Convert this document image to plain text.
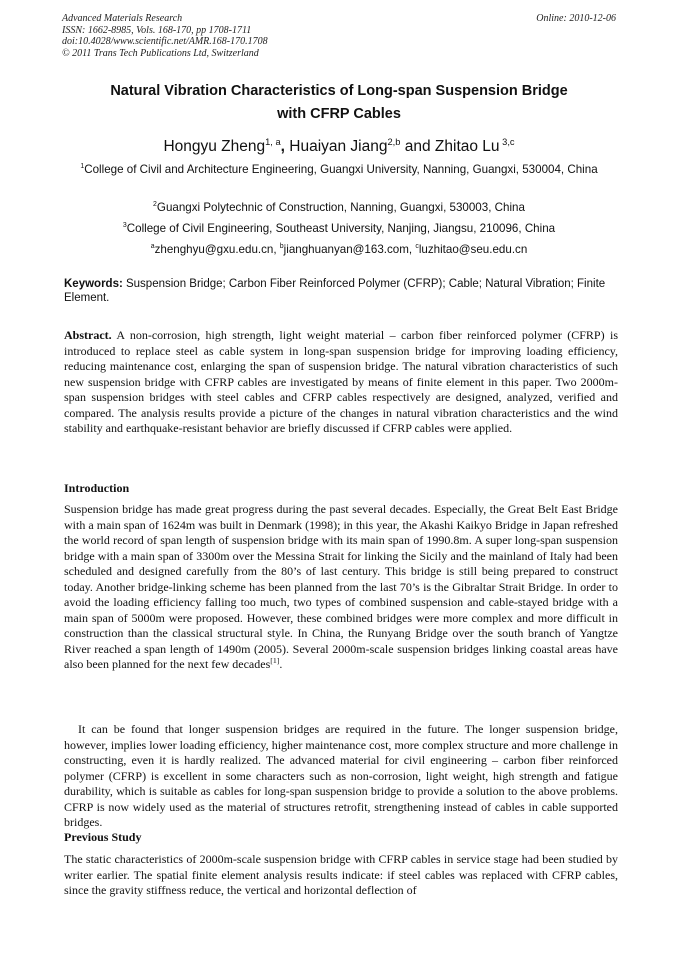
Advanced Materials Research
ISSN: 1662-8985, Vols. 168-170, pp 1708-1711
doi:10.4028/www.scientific.net/AMR.168-170.1708
© 2011 Trans Tech Publications Ltd, Switzerland
Online: 2010-12-06
Natural Vibration Characteristics of Long-span Suspension Bridge
with CFRP Cables
Hongyu Zheng$^{1, a}$, Huaiyan Jiang$^{2,b}$ and Zhitao Lu $^{3,c}$
$^1$College of Civil and Architecture Engineering, Guangxi University, Nanning, Guangxi, 530004, China
$^2$Guangxi Polytechnic of Construction, Nanning, Guangxi, 530003, China
$^3$College of Civil Engineering, Southeast University, Nanjing, Jiangsu, 210096, China
$^a$zhenghyu@gxu.edu.cn, $^b$jianghuanyan@163.com, $^c$luzhitao@seu.edu.cn
Keywords: Suspension Bridge; Carbon Fiber Reinforced Polymer (CFRP); Cable; Natural Vibration; Finite Element.
Abstract. A non-corrosion, high strength, light weight material – carbon fiber reinforced polymer (CFRP) is introduced to replace steel as cable system in long-span suspension bridge for improving loading efficiency, reducing maintenance cost, enlarging the span of suspension bridge. The natural vibration characteristics of such new suspension bridge with CFRP cables are investigated by means of finite element in this paper. Two 2000m-span suspension bridges with steel cables and CFRP cables respectively are designed, analyzed, verified and compared. The analysis results provide a picture of the changes in natural vibration characteristics and the wind stability and earthquake-resistant behavior are briefly discussed if CFRP cables were applied.
Introduction

Suspension bridge has made great progress during the past several decades. Especially, the Great Belt East Bridge with a main span of 1624m was built in Denmark (1998); in this year, the Akashi Kaikyo Bridge in Japan refreshed the world record of span length of suspension bridge with its main span of 1990.8m. A super long-span suspension bridge with a main span of 3300m over the Messina Strait for linking the Sicily and the mainland of Italy had been scheduled and designed carefully from the 80’s of last century. This bridge is still being prepared to construct today. Another bridge-linking scheme has been planned from the last 70’s is the Gibraltar Strait Bridge. In order to avoid the loading efficiency falling too much, two types of combined suspension and cable-stayed bridge with a main span of 5000m were proposed. However, these combined bridges were more complex and more difficult in construction than the classical structural style. In China, the Runyang Bridge over the south branch of Yangtze River reached a span length of 1490m (2005). Several 2000m-scale suspension bridges linking coastal areas have also been planned for the next few decades[1].

It can be found that longer suspension bridges are required in the future. The longer suspension bridge, however, implies lower loading efficiency, higher maintenance cost, more complex structure and more challenge in constructing, even it is hardly realized. The advanced material for civil engineering – carbon fiber reinforced polymer (CFRP) is excellent in some characters such as non-corrosion, light weight, high strength and fatigue durability, which is suitable as cables for long-span suspension bridge to provide a solution to the above problems. CFRP is now widely used as the material of structures retrofit, strengthening instead of cables in cable supported bridges.

Previous Study

The static characteristics of 2000m-scale suspension bridge with CFRP cables in service stage had been studied by writer earlier. The spatial finite element analysis results indicate: if steel cables was replaced with CFRP cables, since the gravity stiffness reduce, the vertical and horizontal deflection of
